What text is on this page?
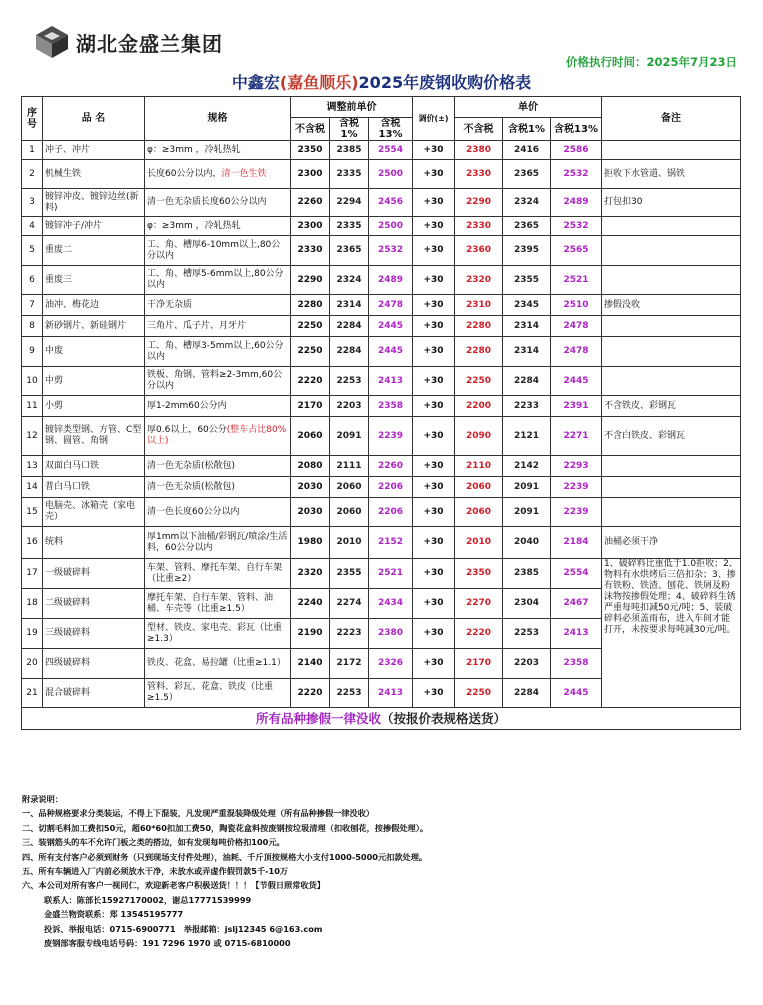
湖北金盛兰集团
价格执行时间：2025年7月23日
中鑫宏(嘉鱼顺乐)2025年废钢收购价格表
序号	品 名	规格	调整前单价			调价(±)	单价			备注
			不含税	含税1%	含税13%		不含税	含税1%	含税13%	
1	冲子、冲片	φ：≥3mm ，冷轧热轧	2350	2385	2554	+30	2380	2416	2586	
2	机械生铁	长度60公分以内，清一色生铁	2300	2335	2500	+30	2330	2365	2532	拒收下水管道、锅铁
3	镀锌冲皮、镀锌边丝(新料)	清一色无杂质长度60公分以内	2260	2294	2456	+30	2290	2324	2489	打包扣30
4	镀锌冲子/冲片	φ：≥3mm ，冷轧热轧	2300	2335	2500	+30	2330	2365	2532	
5	重废二	工、角、槽厚6-10mm以上,80公分以内	2330	2365	2532	+30	2360	2395	2565	
6	重废三	工、角、槽厚5-6mm以上,80公分以内	2290	2324	2489	+30	2320	2355	2521	
7	油冲、梅花边	干净无杂质	2280	2314	2478	+30	2310	2345	2510	掺假没收
8	新砂钢片、新硅钢片	三角片、瓜子片、月牙片	2250	2284	2445	+30	2280	2314	2478	
9	中废	工、角、槽厚3-5mm以上,60公分以内	2250	2284	2445	+30	2280	2314	2478	
10	中剪	铁板、角钢、管料≥2-3mm,60公分以内	2220	2253	2413	+30	2250	2284	2445	
11	小剪	厚1-2mm60公分内	2170	2203	2358	+30	2200	2233	2391	不含铁皮、彩钢瓦
12	镀锌类型钢、方管、C型钢、圆管、角钢	厚0.6以上，60公分(整车占比80%以上)	2060	2091	2239	+30	2090	2121	2271	不含白铁皮、彩钢瓦
13	双面白马口铁	清一色无杂质(松散包)	2080	2111	2260	+30	2110	2142	2293	
14	普白马口铁	清一色无杂质(松散包)	2030	2060	2206	+30	2060	2091	2239	
15	电脑壳、冰箱壳（家电壳）	清一色长度60公分以内	2030	2060	2206	+30	2060	2091	2239	
16	统料	厚1mm以下油桶/彩钢瓦/喷涂/生活料，60公分以内	1980	2010	2152	+30	2010	2040	2184	油桶必须干净
17	一级破碎料	车架、管料、摩托车架、自行车架（比重≥2）	2320	2355	2521	+30	2350	2385	2554	1、破碎料比重低于1.0拒收；2、物料有水烘烤后三倍扣杂；3、掺有铁粉、铁渣、刨花、铁屑及粉沫物按掺假处理；4、破碎料生锈严重每吨扣减50元/吨；5、装破碎料必须盖雨布，进入车间才能打开，未按要求每吨减30元/吨。
18	二级破碎料	摩托车架、自行车架、管料、油桶、车壳等（比重≥1.5）	2240	2274	2434	+30	2270	2304	2467	
19	三级破碎料	型材、铁皮、家电壳、彩瓦（比重≥1.3）	2190	2223	2380	+30	2220	2253	2413	
20	四级破碎料	铁皮、花盒、易拉罐（比重≥1.1）	2140	2172	2326	+30	2170	2203	2358	
21	混合破碎料	管料、彩瓦、花盒、铁皮（比重≥1.5）	2220	2253	2413	+30	2250	2284	2445	
所有品种掺假一律没收（按报价表规格送货）										
附录说明：
一、品种规格要求分类装运，不得上下混装，凡发现严重混装降级处理（所有品种掺假一律没收）
二、切割毛料加工费扣50元，超60*60扣加工费50，陶瓷花盒料按废钢按垃圾清理（扣收刨花，按掺假处理）。
三、装钢筋头的车不允许门板之类的搭边，如有发现每吨价格扣100元。
四、所有支付客户必须到财务（只到现场支付件处理），油耗、千斤顶按规格大小支付1000-5000元扣款处理。
五、所有车辆进入厂内前必须放水干净，未放水或弄虚作假罚款5千-10万
六、本公司对所有客户一视同仁，欢迎新老客户积极送货！！！【节假日照常收货】
联系人：陈部长15927170002，谢总17771539999
金盛兰物资联系：郑 13545195777
投诉、举报电话：0715-6900771　举报邮箱：jslj12345 6@163.com
废钢部客服专线电话号码：191 7296 1970 或 0715-6810000
